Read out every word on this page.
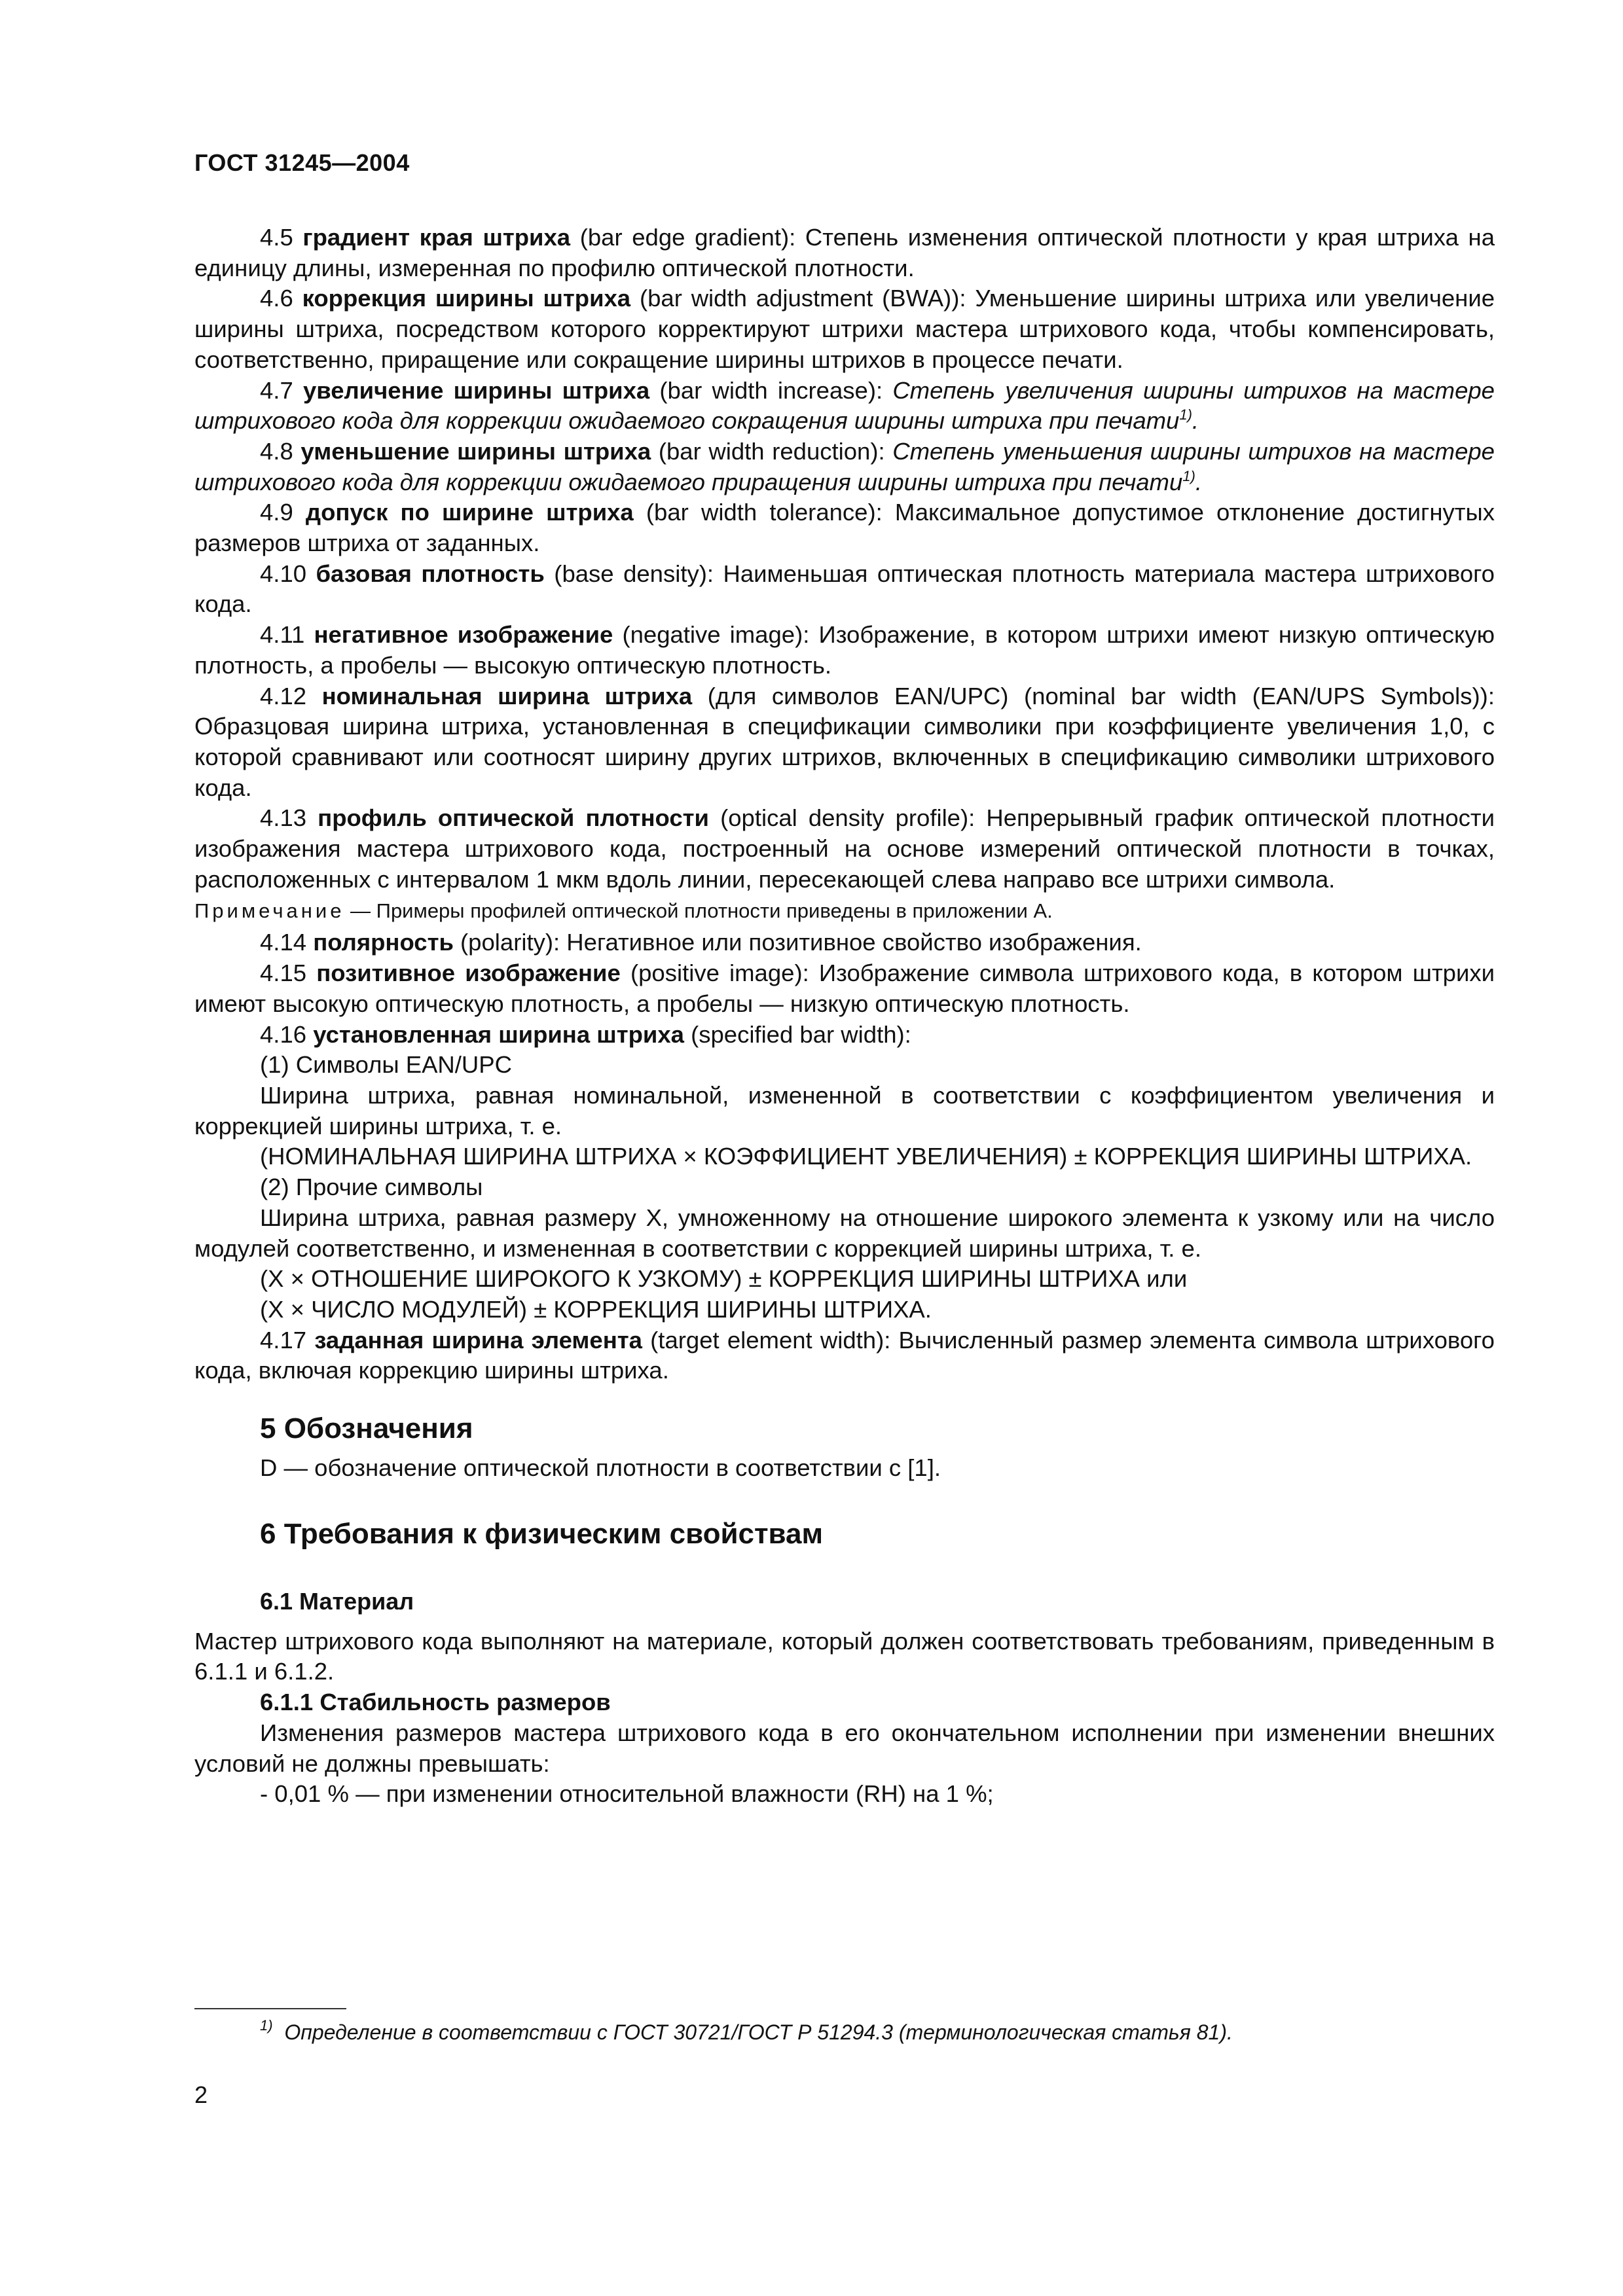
ГОСТ 31245—2004

4.5 градиент края штриха (bar edge gradient): Степень изменения оптической плотности у края штриха на единицу длины, измеренная по профилю оптической плотности.

4.6 коррекция ширины штриха (bar width adjustment (BWA)): Уменьшение ширины штриха или увеличение ширины штриха, посредством которого корректируют штрихи мастера штрихового кода, чтобы компенсировать, соответственно, приращение или сокращение ширины штрихов в процессе печати.

4.7 увеличение ширины штриха (bar width increase): Степень увеличения ширины штрихов на мастере штрихового кода для коррекции ожидаемого сокращения ширины штриха при печати$^{1)}$.

4.8 уменьшение ширины штриха (bar width reduction): Степень уменьшения ширины штрихов на мастере штрихового кода для коррекции ожидаемого приращения ширины штриха при печати$^{1)}$.

4.9 допуск по ширине штриха (bar width tolerance): Максимальное допустимое отклонение достигнутых размеров штриха от заданных.

4.10 базовая плотность (base density): Наименьшая оптическая плотность материала мастера штрихового кода.

4.11 негативное изображение (negative image): Изображение, в котором штрихи имеют низкую оптическую плотность, а пробелы — высокую оптическую плотность.

4.12 номинальная ширина штриха (для символов EAN/UPC) (nominal bar width (EAN/UPS Symbols)): Образцовая ширина штриха, установленная в спецификации символики при коэффициенте увеличения 1,0, с которой сравнивают или соотносят ширину других штрихов, включенных в спецификацию символики штрихового кода.

4.13 профиль оптической плотности (optical density profile): Непрерывный график оптической плотности изображения мастера штрихового кода, построенный на основе измерений оптической плотности в точках, расположенных с интервалом 1 мкм вдоль линии, пересекающей слева направо все штрихи символа.

Примечание — Примеры профилей оптической плотности приведены в приложении А.

4.14 полярность (polarity): Негативное или позитивное свойство изображения.

4.15 позитивное изображение (positive image): Изображение символа штрихового кода, в котором штрихи имеют высокую оптическую плотность, а пробелы — низкую оптическую плотность.

4.16 установленная ширина штриха (specified bar width):

(1) Символы EAN/UPC

Ширина штриха, равная номинальной, измененной в соответствии с коэффициентом увеличения и коррекцией ширины штриха, т. е.

(НОМИНАЛЬНАЯ ШИРИНА ШТРИХА × КОЭФФИЦИЕНТ УВЕЛИЧЕНИЯ) ± КОРРЕКЦИЯ ШИРИНЫ ШТРИХА.

(2) Прочие символы

Ширина штриха, равная размеру X, умноженному на отношение широкого элемента к узкому или на число модулей соответственно, и измененная в соответствии с коррекцией ширины штриха, т. е.

(X × ОТНОШЕНИЕ ШИРОКОГО К УЗКОМУ) ± КОРРЕКЦИЯ ШИРИНЫ ШТРИХА или

(X × ЧИСЛО МОДУЛЕЙ) ± КОРРЕКЦИЯ ШИРИНЫ ШТРИХА.

4.17 заданная ширина элемента (target element width): Вычисленный размер элемента символа штрихового кода, включая коррекцию ширины штриха.

5 Обозначения

D — обозначение оптической плотности в соответствии с [1].

6 Требования к физическим свойствам
6.1 Материал

Мастер штрихового кода выполняют на материале, который должен соответствовать требованиям, приведенным в 6.1.1 и 6.1.2.

6.1.1 Стабильность размеров

Изменения размеров мастера штрихового кода в его окончательном исполнении при изменении внешних условий не должны превышать:

- 0,01 % — при изменении относительной влажности (RH) на 1 %;

$^{1)}$ Определение в соответствии с ГОСТ 30721/ГОСТ Р 51294.3 (терминологическая статья 81).
2
